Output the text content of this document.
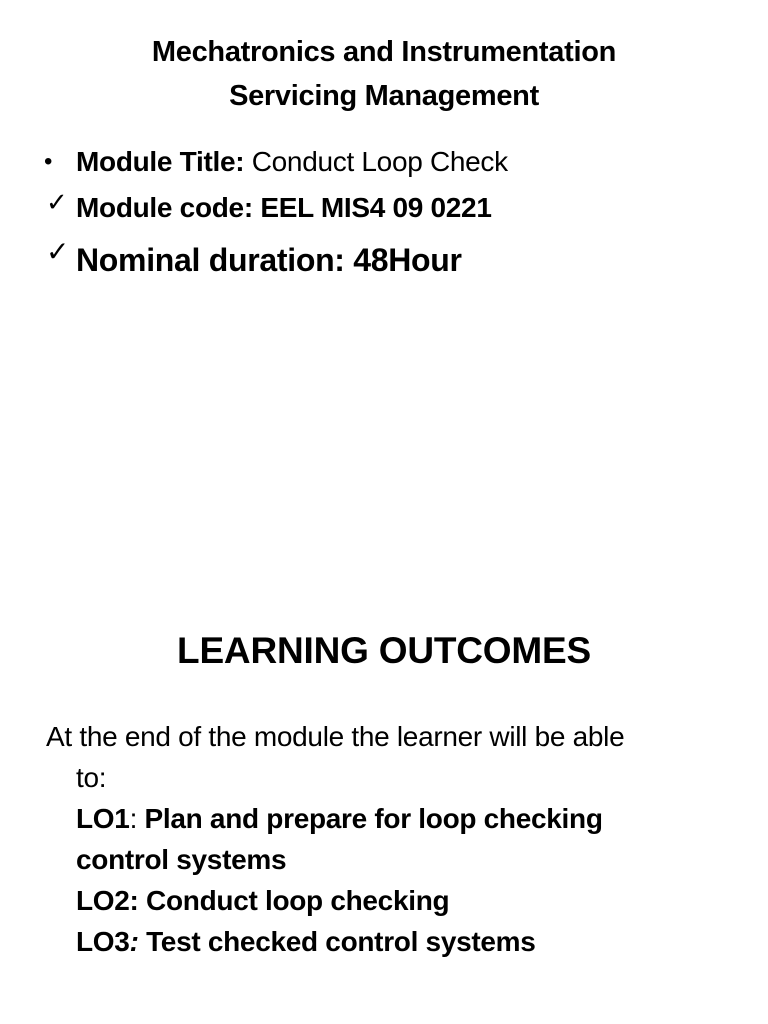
Mechatronics and Instrumentation
Servicing Management
• Module Title: Conduct Loop Check
✓ Module code: EEL MIS4 09 0221
✓ Nominal duration: 48Hour
LEARNING OUTCOMES
At the end of the module the learner will be able
to:
LO1: Plan and prepare for loop checking
control systems
LO2: Conduct loop checking
LO3: Test checked control systems
